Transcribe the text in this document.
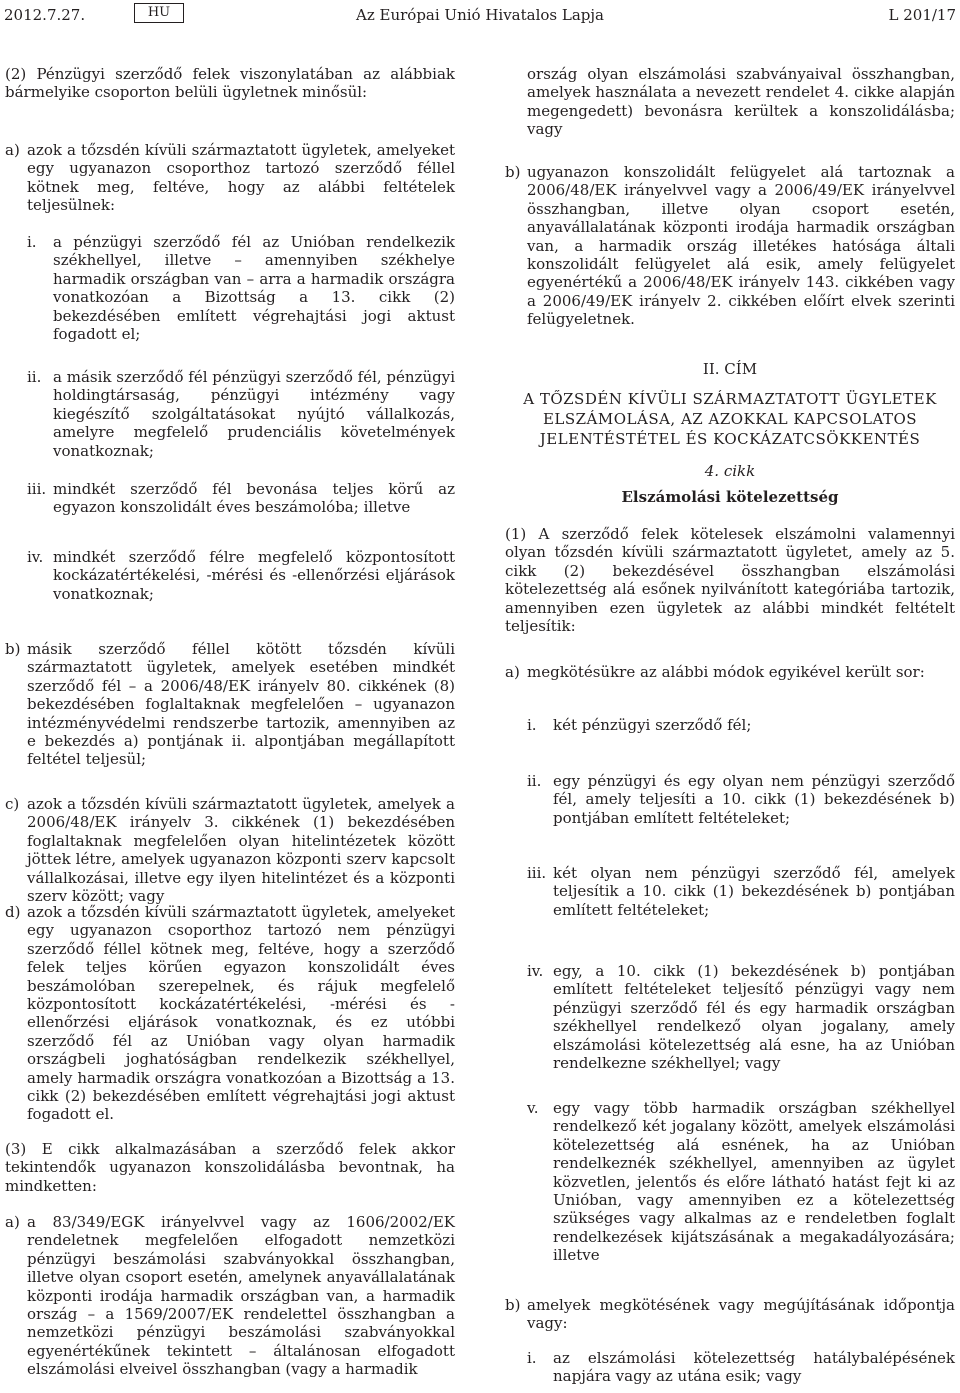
2012.7.27.	HU	Az Európai Unió Hivatalos Lapja	L 201/17

(2) Pénzügyi szerződő felek viszonylatában az alábbiak bármelyike csoporton belüli ügyletnek minősül:

a) azok a tőzsdén kívüli származtatott ügyletek, amelyeket egy ugyanazon csoporthoz tartozó szerződő féllel kötnek meg, feltéve, hogy az alábbi feltételek teljesülnek:
i. a pénzügyi szerződő fél az Unióban rendelkezik székhellyel, illetve – amennyiben székhelye harmadik országban van – arra a harmadik országra vonatkozóan a Bizottság a 13. cikk (2) bekezdésében említett végrehajtási jogi aktust fogadott el;
ii. a másik szerződő fél pénzügyi szerződő fél, pénzügyi holdingtársaság, pénzügyi intézmény vagy kiegészítő szolgáltatásokat nyújtó vállalkozás, amelyre megfelelő prudenciális követelmények vonatkoznak;
iii. mindkét szerződő fél bevonása teljes körű az egyazon konszolidált éves beszámolóba; illetve
iv. mindkét szerződő félre megfelelő központosított kockázatértékelési, -mérési és -ellenőrzési eljárások vonatkoznak;
b) másik szerződő féllel kötött tőzsdén kívüli származtatott ügyletek, amelyek esetében mindkét szerződő fél – a 2006/48/EK irányelv 80. cikkének (8) bekezdésében foglaltaknak megfelelően – ugyanazon intézményvédelmi rendszerbe tartozik, amennyiben az e bekezdés a) pontjának ii. alpontjában megállapított feltétel teljesül;
c) azok a tőzsdén kívüli származtatott ügyletek, amelyek a 2006/48/EK irányelv 3. cikkének (1) bekezdésében foglaltaknak megfelelően olyan hitelintézetek között jöttek létre, amelyek ugyanazon központi szerv kapcsolt vállalkozásai, illetve egy ilyen hitelintézet és a központi szerv között; vagy
d) azok a tőzsdén kívüli származtatott ügyletek, amelyeket egy ugyanazon csoporthoz tartozó nem pénzügyi szerződő féllel kötnek meg, feltéve, hogy a szerződő felek teljes körűen egyazon konszolidált éves beszámolóban szerepelnek, és rájuk megfelelő központosított kockázatértékelési, -mérési és -ellenőrzési eljárások vonatkoznak, és ez utóbbi szerződő fél az Unióban vagy olyan harmadik országbeli joghatóságban rendelkezik székhellyel, amely harmadik országra vonatkozóan a Bizottság a 13. cikk (2) bekezdésében említett végrehajtási jogi aktust fogadott el.

(3) E cikk alkalmazásában a szerződő felek akkor tekintendők ugyanazon konszolidálásba bevontnak, ha mindketten:

a) a 83/349/EGK irányelvvel vagy az 1606/2002/EK rendeletnek megfelelően elfogadott nemzetközi pénzügyi beszámolási szabványokkal összhangban, illetve olyan csoport esetén, amelynek anyavállalatának központi irodája harmadik országban van, a harmadik ország – a 1569/2007/EK rendelettel összhangban a nemzetközi pénzügyi beszámolási szabványokkal egyenértékűnek tekintett – általánosan elfogadott elszámolási elveivel összhangban (vagy a harmadik
ország olyan elszámolási szabványaival összhangban, amelyek használata a nevezett rendelet 4. cikke alapján megengedett) bevonásra kerültek a konszolidálásba; vagy
b) ugyanazon konszolidált felügyelet alá tartoznak a 2006/48/EK irányelvvel vagy a 2006/49/EK irányelvvel összhangban, illetve olyan csoport esetén, anyavállalatának központi irodája harmadik országban van, a harmadik ország illetékes hatósága általi konszolidált felügyelet alá esik, amely felügyelet egyenértékű a 2006/48/EK irányelv 143. cikkében vagy a 2006/49/EK irányelv 2. cikkében előírt elvek szerinti felügyeletnek.
II. CÍM
A TŐZSDÉN KÍVÜLI SZÁRMAZTATOTT ÜGYLETEK
ELSZÁMOLÁSA, AZ AZOKKAL KAPCSOLATOS
JELENTÉSTÉTEL ÉS KOCKÁZATCSÖKKENTÉS
4. cikk
Elszámolási kötelezettség

(1) A szerződő felek kötelesek elszámolni valamennyi olyan tőzsdén kívüli származtatott ügyletet, amely az 5. cikk (2) bekezdésével összhangban elszámolási kötelezettség alá esőnek nyilvánított kategóriába tartozik, amennyiben ezen ügyletek az alábbi mindkét feltételt teljesítik:

a) megkötésükre az alábbi módok egyikével került sor:
i. két pénzügyi szerződő fél;
ii. egy pénzügyi és egy olyan nem pénzügyi szerződő fél, amely teljesíti a 10. cikk (1) bekezdésének b) pontjában említett feltételeket;
iii. két olyan nem pénzügyi szerződő fél, amelyek teljesítik a 10. cikk (1) bekezdésének b) pontjában említett feltételeket;
iv. egy, a 10. cikk (1) bekezdésének b) pontjában említett feltételeket teljesítő pénzügyi vagy nem pénzügyi szerződő fél és egy harmadik országban székhellyel rendelkező olyan jogalany, amely elszámolási kötelezettség alá esne, ha az Unióban rendelkezne székhellyel; vagy
v. egy vagy több harmadik országban székhellyel rendelkező két jogalany között, amelyek elszámolási kötelezettség alá esnének, ha az Unióban rendelkeznék székhellyel, amennyiben az ügylet közvetlen, jelentős és előre látható hatást fejt ki az Unióban, vagy amennyiben ez a kötelezettség szükséges vagy alkalmas az e rendeletben foglalt rendelkezések kijátszásának a megakadályozására; illetve
b) amelyek megkötésének vagy megújításának időpontja vagy:
i. az elszámolási kötelezettség hatálybalépésének napjára vagy az utána esik; vagy
